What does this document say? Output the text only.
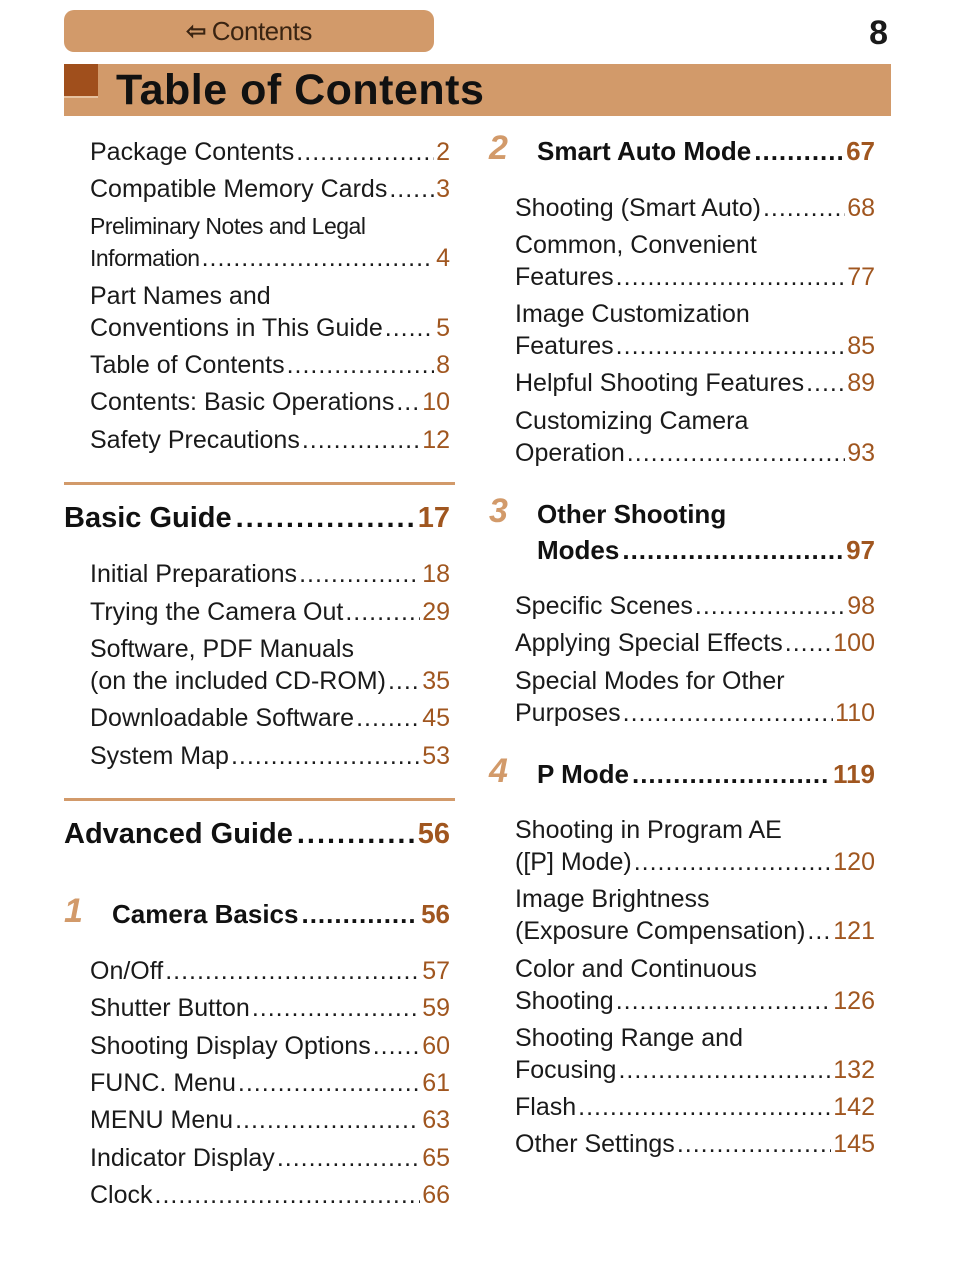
⇦ Contents	8
Table of Contents
Package Contents .....	2
Compatible Memory Cards ..... 3
Preliminary Notes and Legal
Information .....	4
Part Names and
Conventions in This Guide ..... 5
Table of Contents .....	8
Contents: Basic Operations ..... 10
Safety Precautions .....	12
Basic Guide .....	17
Initial Preparations .....	18
Trying the Camera Out .....	29
Software, PDF Manuals
(on the included CD-ROM) ..... 35
Downloadable Software .....	45
System Map .....	53
Advanced Guide .....	56
1 Camera Basics .....	56
On/Off .....	57
Shutter Button .....	59
Shooting Display Options ..... 60
FUNC. Menu .....	61
MENU Menu .....	63
Indicator Display .....	65
Clock .....	66
2 Smart Auto Mode .....	67
Shooting (Smart Auto) .....	68
Common, Convenient
Features .....	77
Image Customization
Features .....	85
Helpful Shooting Features ..... 89
Customizing Camera
Operation .....	93
3 Other Shooting
Modes .....	97
Specific Scenes .....	98
Applying Special Effects ..... 100
Special Modes for Other
Purposes .....	110
4 P Mode .....	119
Shooting in Program AE
([P] Mode) .....	120
Image Brightness
(Exposure Compensation) ..... 121
Color and Continuous
Shooting .....	126
Shooting Range and
Focusing .....	132
Flash .....	142
Other Settings .....	145
